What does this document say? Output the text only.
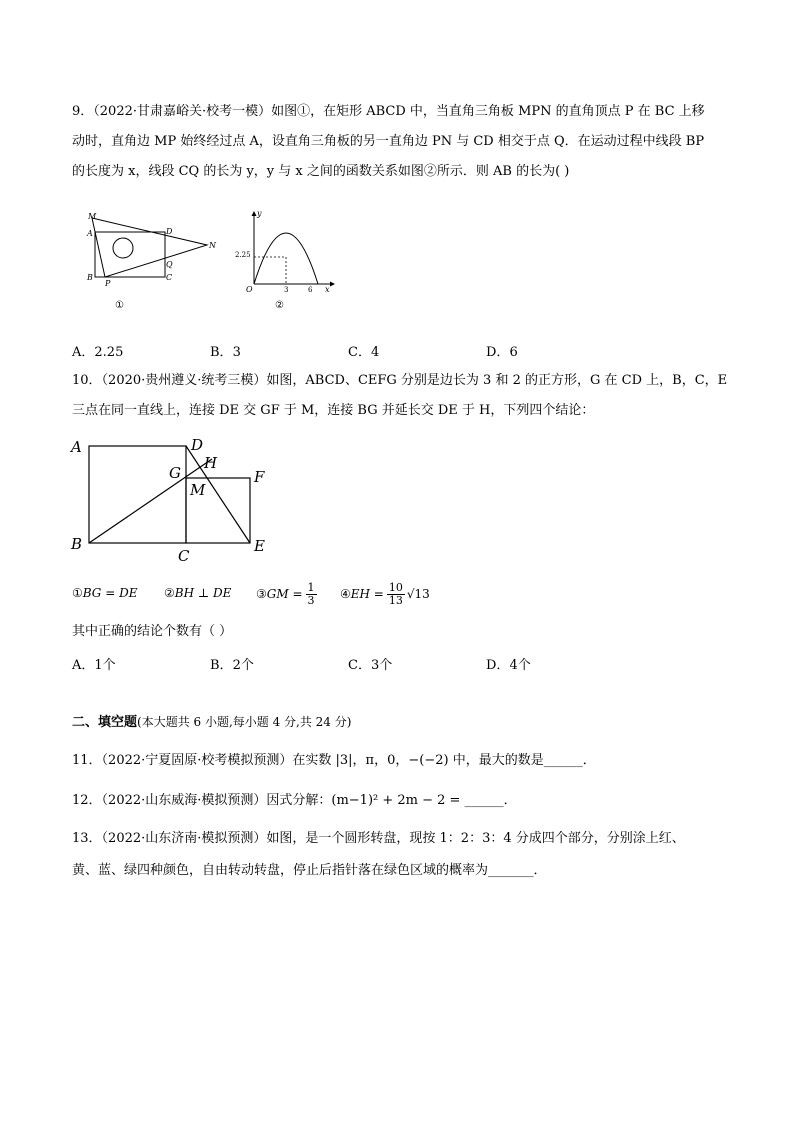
9．（2022·甘肃嘉峪关·校考一模）如图①，在矩形 ABCD 中，当直角三角板 MPN 的直角顶点 P 在 BC 上移
动时，直角边 MP 始终经过点 A，设直角三角板的另一直角边 PN 与 CD 相交于点 Q．在运动过程中线段 BP
的长度为 x，线段 CQ 的长为 y，y 与 x 之间的函数关系如图②所示．则 AB 的长为( )
M
A	D
N
Q
B
P
C
①
y
x
O
2.25
3	6
②
A．2.25	B．3	C．4	D．6
10．（2020·贵州遵义·统考三模）如图，ABCD、CEFG 分别是边长为 3 和 2 的正方形，G 在 CD 上，B，C，E
三点在同一直线上，连接 DE 交 GF 于 M，连接 BG 并延长交 DE 于 H，下列四个结论：
A	D
G
H
F
M
B
C
E
①BG = DE ②BH ⊥ DE ③ GM = $\frac{1}{3}$ ④ EH = $\frac{10}{13} √13$
其中正确的结论个数有（ ）
A．1个	B．2个	C．3个	D．4个
二、填空题(本大题共 6 小题,每小题 4 分,共 24 分)
11．（2022·宁夏固原·校考模拟预测）在实数 |3|，π，0，−(−2) 中，最大的数是______．
12．（2022·山东威海·模拟预测）因式分解：(m−1)² + 2m − 2 = ______．
13．（2022·山东济南·模拟预测）如图，是一个圆形转盘，现按 1：2：3：4 分成四个部分，分别涂上红、
黄、蓝、绿四种颜色，自由转动转盘，停止后指针落在绿色区域的概率为_______．
